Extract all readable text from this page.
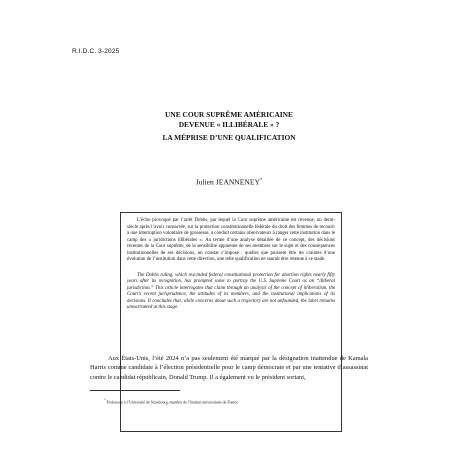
R.I.D.C. 3-2025
UNE COUR SUPRÊME AMÉRICAINE
DEVENUE « ILLIBÉRALE » ?
LA MÉPRISE D’UNE QUALIFICATION
Julien JEANNENEY*

L’écho provoqué par l’arrêt Dobbs, par lequel la Cour suprême américaine est revenue, un demi-siècle après l’avoir consacrée, sur la protection constitutionnelle fédérale du droit des femmes de recourir à une interruption volontaire de grossesse, a conduit certains observateurs à ranger cette institution dans le camp des « juridictions illibérales ». Au terme d’une analyse détaillée de ce concept, des décisions récentes de la Cour suprême, de la sensibilité apparente de ses membres sur le sujet et des conséquences institutionnelles de ses décisions, un constat s’impose : quelles que puissent être les craintes d’une évolution de l’institution dans cette direction, une telle qualification ne saurait être retenue à ce stade.

The Dobbs ruling, which rescinded federal constitutional protection for abortion rights nearly fifty years after its recognition, has prompted some to portray the U.S. Supreme Court as an “illiberal jurisdiction.” This article interrogates that claim through an analysis of the concept of illiberalism, the Court’s recent jurisprudence, the attitudes of its members, and the institutional implications of its decisions. It concludes that, while concerns about such a trajectory are not unfounded, the label remains unwarranted at this stage.

Aux États-Unis, l’été 2024 n’a pas seulement été marqué par la désignation inattendue de Kamala Harris comme candidate à l’élection présidentielle pour le camp démocrate et par une tentative d’assassinat contre le candidat républicain, Donald Trump. Il a également vu le président sortant,

* Professeur à l’Université de Strasbourg, membre de l’Institut universitaire de France
